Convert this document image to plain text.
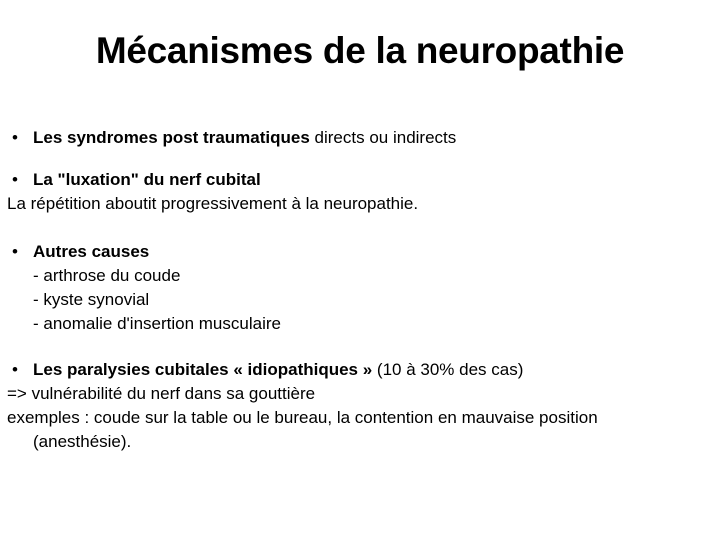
Mécanismes de la neuropathie
• Les syndromes post traumatiques directs ou indirects
• La "luxation" du nerf cubital
La répétition aboutit progressivement à la neuropathie.
• Autres causes
- arthrose du coude
- kyste synovial
- anomalie d'insertion musculaire
• Les paralysies cubitales « idiopathiques » (10 à 30% des cas)
=> vulnérabilité du nerf dans sa gouttière
exemples : coude sur la table ou le bureau, la contention en mauvaise position
(anesthésie).
